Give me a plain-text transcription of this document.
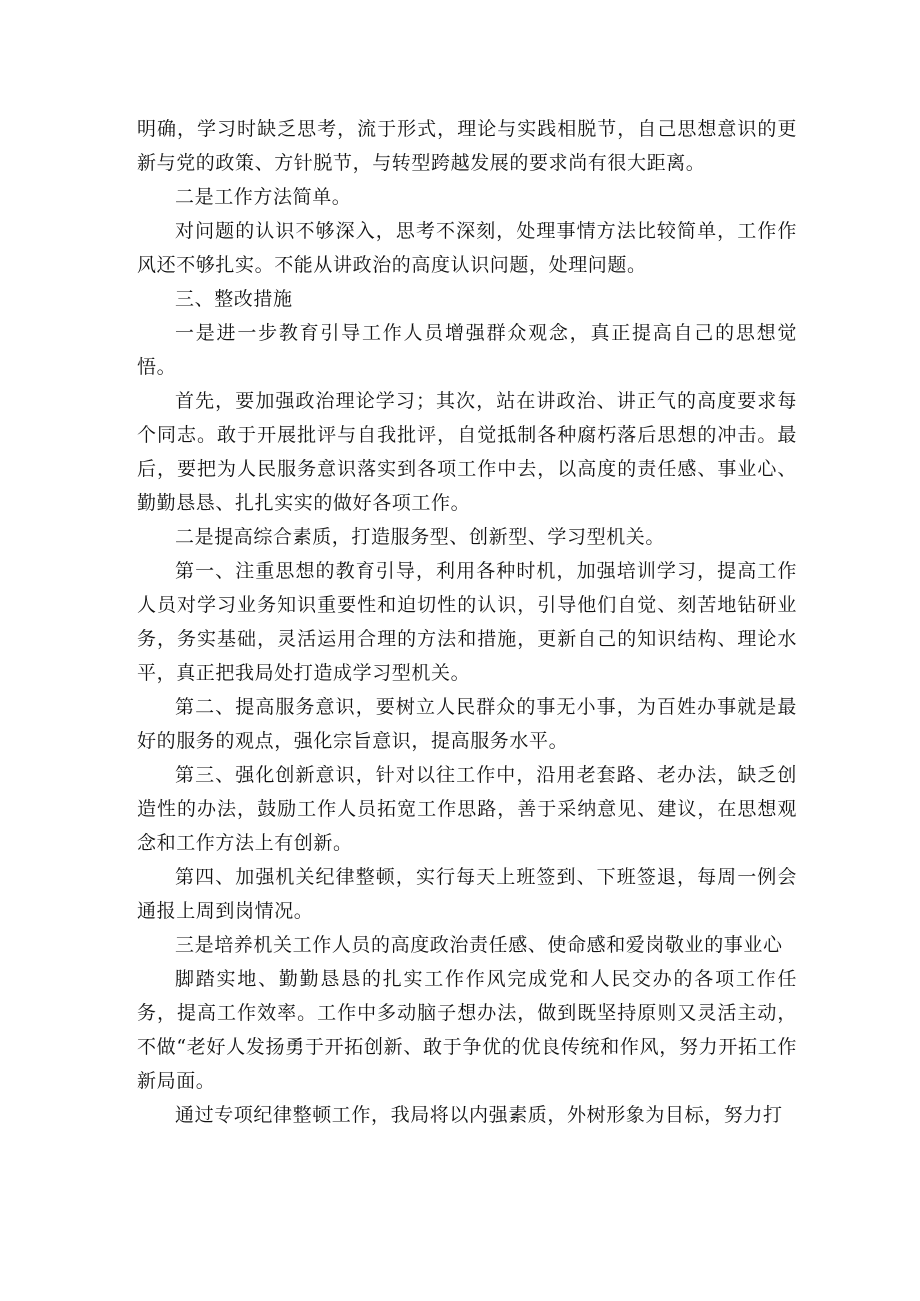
明确，学习时缺乏思考，流于形式，理论与实践相脱节，自己思想意识的更新与党的政策、方针脱节，与转型跨越发展的要求尚有很大距离。

二是工作方法简单。

对问题的认识不够深入，思考不深刻，处理事情方法比较简单，工作作风还不够扎实。不能从讲政治的高度认识问题，处理问题。

三、整改措施

一是进一步教育引导工作人员增强群众观念，真正提高自己的思想觉悟。

首先，要加强政治理论学习；其次，站在讲政治、讲正气的高度要求每个同志。敢于开展批评与自我批评，自觉抵制各种腐朽落后思想的冲击。最后，要把为人民服务意识落实到各项工作中去，以高度的责任感、事业心、勤勤恳恳、扎扎实实的做好各项工作。

二是提高综合素质，打造服务型、创新型、学习型机关。

第一、注重思想的教育引导，利用各种时机，加强培训学习，提高工作人员对学习业务知识重要性和迫切性的认识，引导他们自觉、刻苦地钻研业务，务实基础，灵活运用合理的方法和措施，更新自己的知识结构、理论水平，真正把我局处打造成学习型机关。

第二、提高服务意识，要树立人民群众的事无小事，为百姓办事就是最好的服务的观点，强化宗旨意识，提高服务水平。

第三、强化创新意识，针对以往工作中，沿用老套路、老办法，缺乏创造性的办法，鼓励工作人员拓宽工作思路，善于采纳意见、建议，在思想观念和工作方法上有创新。

第四、加强机关纪律整顿，实行每天上班签到、下班签退，每周一例会通报上周到岗情况。

三是培养机关工作人员的高度政治责任感、使命感和爱岗敬业的事业心

脚踏实地、勤勤恳恳的扎实工作作风完成党和人民交办的各项工作任务，提高工作效率。工作中多动脑子想办法，做到既坚持原则又灵活主动，不做“老好人发扬勇于开拓创新、敢于争优的优良传统和作风，努力开拓工作新局面。

通过专项纪律整顿工作，我局将以内强素质，外树形象为目标，努力打
